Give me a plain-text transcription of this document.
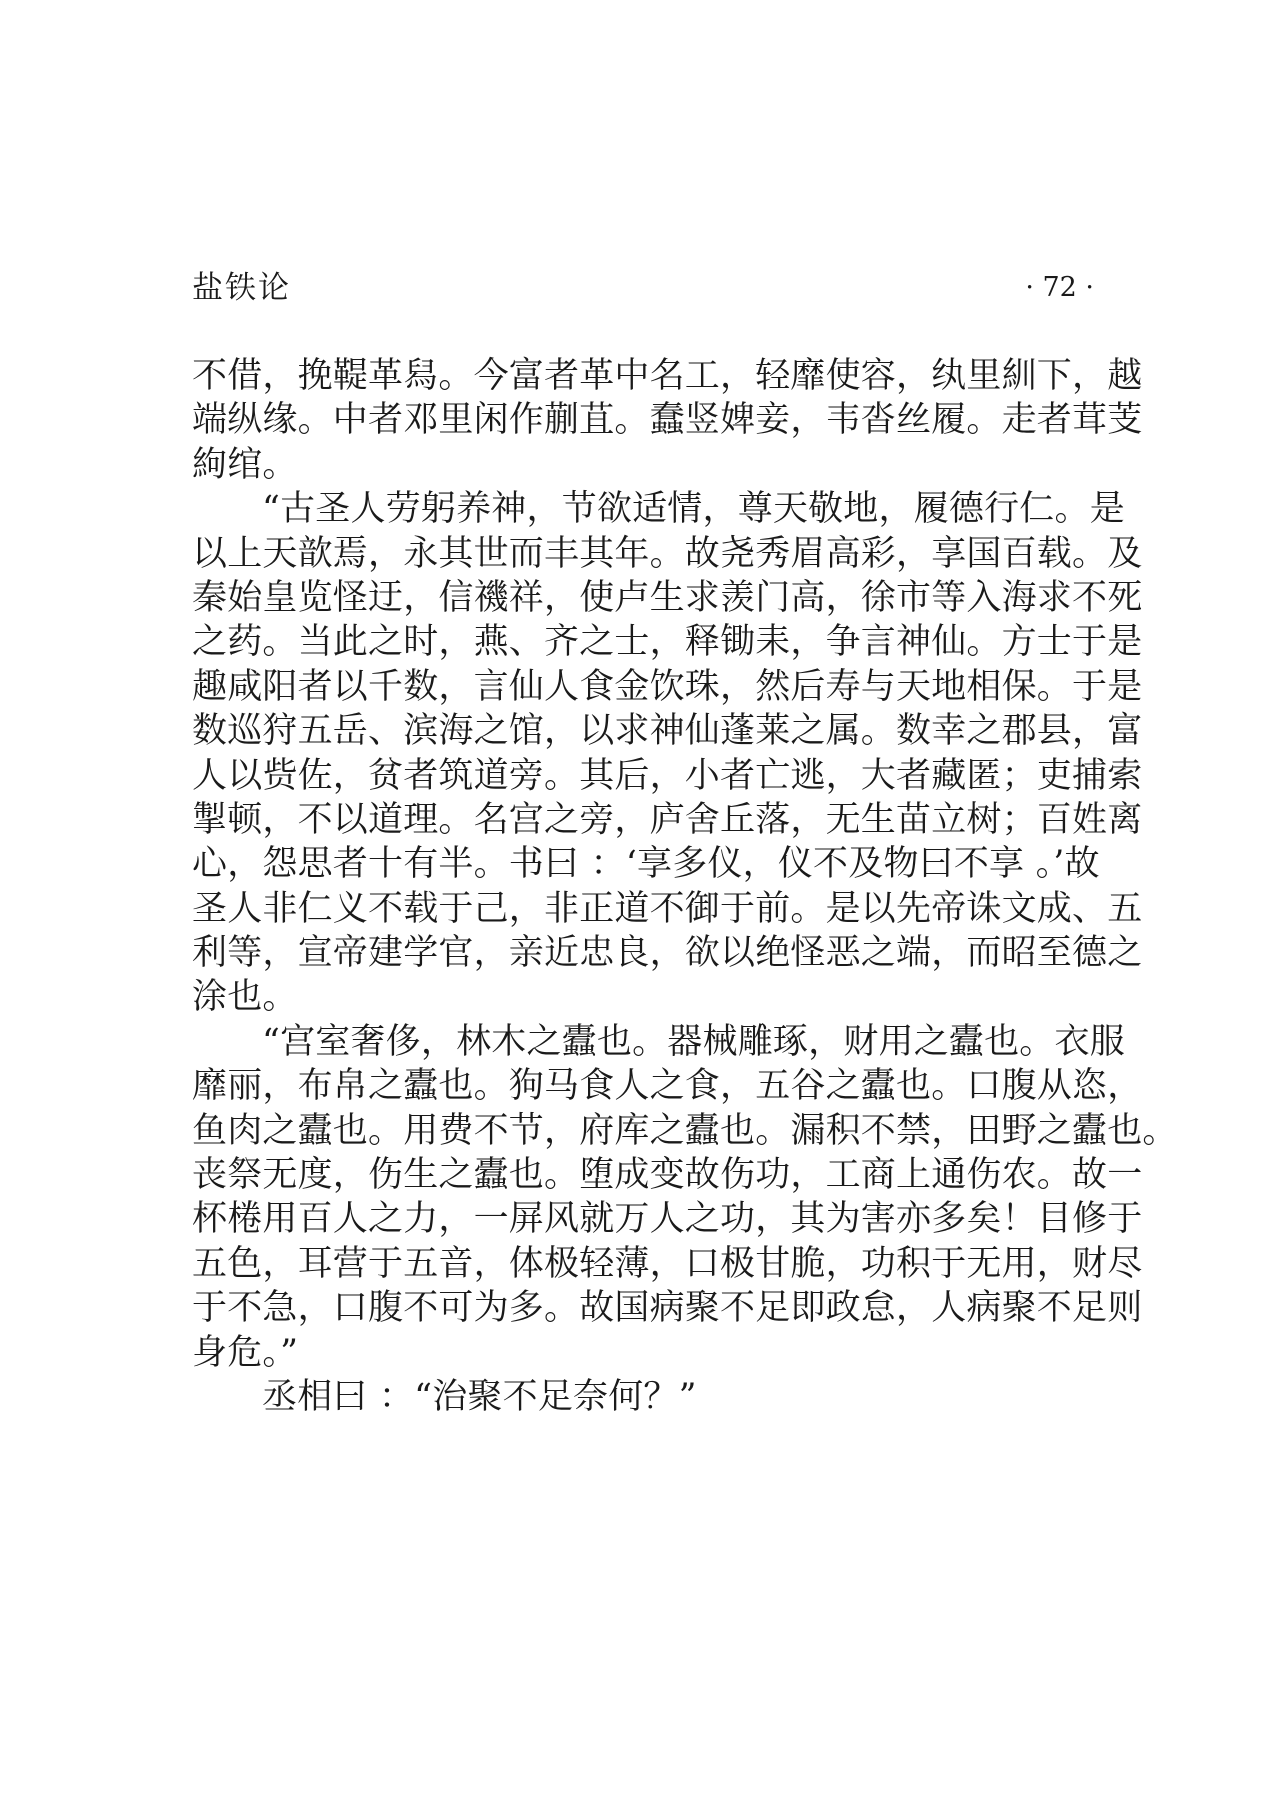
盐铁论	· 72 ·
不借，挽鞮革舄。今富者革中名工，轻靡使容，纨里紃下，越
端纵缘。中者邓里闲作蒯苴。蠢竖婢妾，韦沓丝履。走者茸芰
絇绾。
“古圣人劳躬养神，节欲适情，尊天敬地，履德行仁。是
以上天歆焉，永其世而丰其年。故尧秀眉高彩，享国百载。及
秦始皇览怪迂，信禨祥，使卢生求羡门高，徐市等入海求不死
之药。当此之时，燕、齐之士，释锄耒，争言神仙。方士于是
趣咸阳者以千数，言仙人食金饮珠，然后寿与天地相保。于是
数巡狩五岳、滨海之馆，以求神仙蓬莱之属。数幸之郡县，富
人以赀佐，贫者筑道旁。其后，小者亡逃，大者藏匿；吏捕索
掣顿，不以道理。名宫之旁，庐舍丘落，无生苗立树；百姓离
心，怨思者十有半。书曰 ：‘享多仪，仪不及物曰不享 。’故
圣人非仁义不载于己，非正道不御于前。是以先帝诛文成、五
利等，宣帝建学官，亲近忠良，欲以绝怪恶之端，而昭至德之
涂也。
“宫室奢侈，林木之蠹也。器械雕琢，财用之蠹也。衣服
靡丽，布帛之蠹也。狗马食人之食，五谷之蠹也。口腹从恣，
鱼肉之蠹也。用费不节，府库之蠹也。漏积不禁，田野之蠹也。
丧祭无度，伤生之蠹也。堕成变故伤功，工商上通伤农。故一
杯棬用百人之力，一屏风就万人之功，其为害亦多矣！目修于
五色，耳营于五音，体极轻薄，口极甘脆，功积于无用，财尽
于不急，口腹不可为多。故国病聚不足即政怠，人病聚不足则
身危。”
丞相曰 ：“治聚不足奈何？”
